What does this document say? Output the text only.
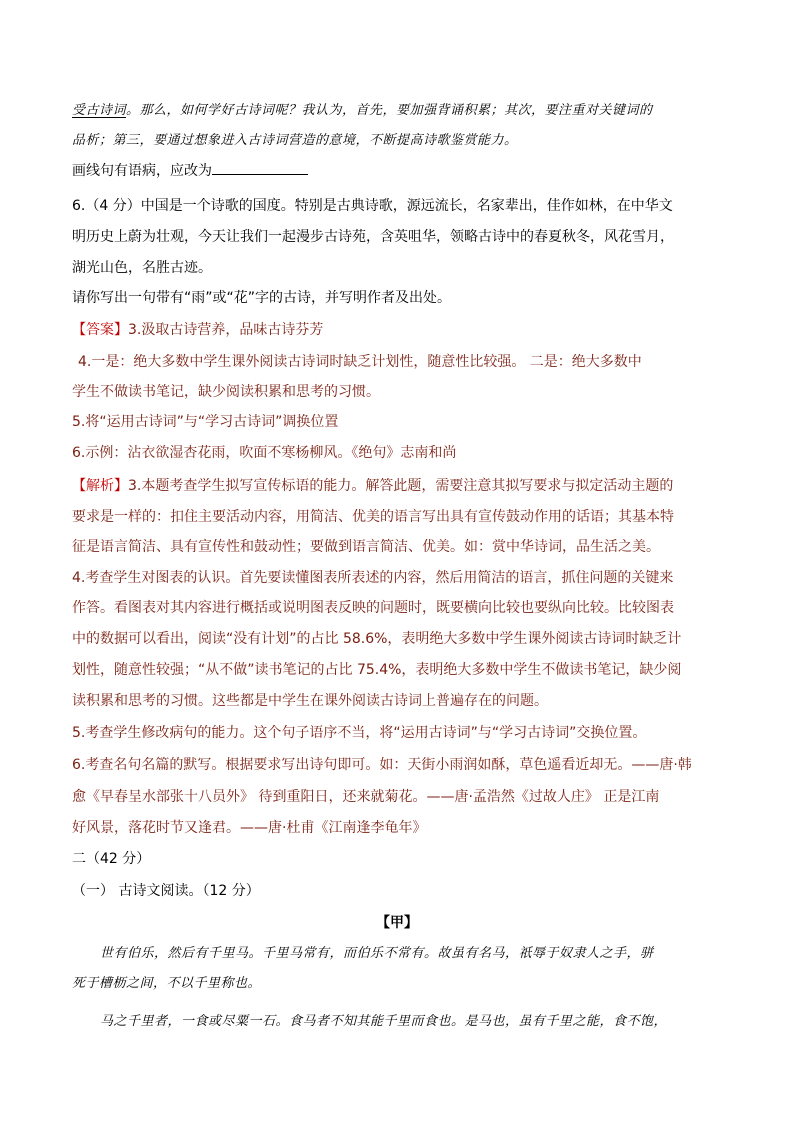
受古诗词。那么，如何学好古诗词呢？我认为，首先，要加强背诵积累；其次，要注重对关键词的
品析；第三，要通过想象进入古诗词营造的意境，不断提高诗歌鉴赏能力。
画线句有语病，应改为
6.（4 分）中国是一个诗歌的国度。特别是古典诗歌，源远流长，名家辈出，佳作如林，在中华文
明历史上蔚为壮观，今天让我们一起漫步古诗苑，含英咀华，领略古诗中的春夏秋冬，风花雪月，
湖光山色，名胜古迹。
请你写出一句带有“雨”或“花”字的古诗，并写明作者及出处。
【答案】3.汲取古诗营养，品味古诗芬芳
4.一是：绝大多数中学生课外阅读古诗词时缺乏计划性，随意性比较强。 二是：绝大多数中
学生不做读书笔记，缺少阅读积累和思考的习惯。
5.将“运用古诗词”与“学习古诗词”调换位置
6.示例：沾衣欲湿杏花雨，吹面不寒杨柳风。《绝句》志南和尚
【解析】3.本题考查学生拟写宣传标语的能力。解答此题，需要注意其拟写要求与拟定活动主题的
要求是一样的：扣住主要活动内容，用简洁、优美的语言写出具有宣传鼓动作用的话语；其基本特
征是语言简洁、具有宣传性和鼓动性；要做到语言简洁、优美。如：赏中华诗词，品生活之美。
4.考查学生对图表的认识。首先要读懂图表所表述的内容，然后用简洁的语言，抓住问题的关键来
作答。看图表对其内容进行概括或说明图表反映的问题时，既要横向比较也要纵向比较。比较图表
中的数据可以看出，阅读“没有计划”的占比 58.6%，表明绝大多数中学生课外阅读古诗词时缺乏计
划性，随意性较强；“从不做”读书笔记的占比 75.4%，表明绝大多数中学生不做读书笔记，缺少阅
读积累和思考的习惯。这些都是中学生在课外阅读古诗词上普遍存在的问题。
5.考查学生修改病句的能力。这个句子语序不当，将“运用古诗词”与“学习古诗词”交换位置。
6.考查名句名篇的默写。根据要求写出诗句即可。如：天街小雨润如酥，草色遥看近却无。——唐·韩
愈《早春呈水部张十八员外》 待到重阳日，还来就菊花。——唐·孟浩然《过故人庄》 正是江南
好风景，落花时节又逢君。——唐·杜甫《江南逢李龟年》
二（42 分）
（一） 古诗文阅读。（12 分）
【甲】
世有伯乐，然后有千里马。千里马常有，而伯乐不常有。故虽有名马，祇辱于奴隶人之手，骈
死于槽枥之间，不以千里称也。
马之千里者，一食或尽粟一石。食马者不知其能千里而食也。是马也，虽有千里之能，食不饱，
